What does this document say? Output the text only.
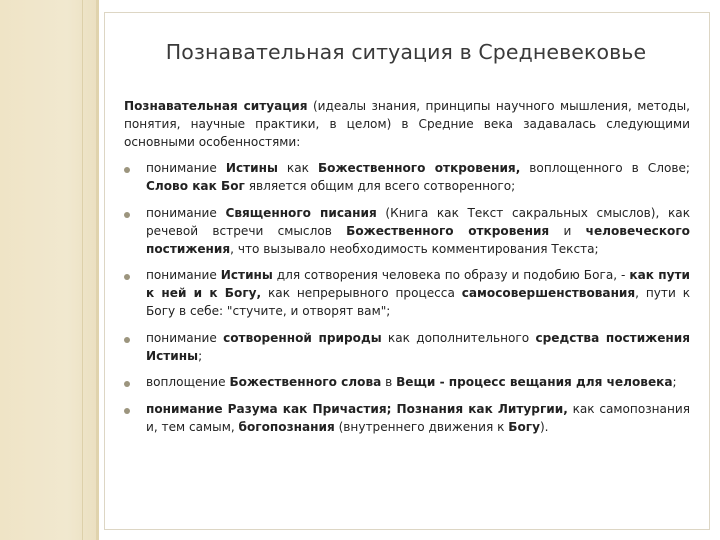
Познавательная ситуация в Средневековье

Познавательная ситуация (идеалы знания, принципы научного мышления, методы, понятия, научные практики, в целом) в Средние века задавалась следующими основными особенностями:

понимание Истины как Божественного откровения, воплощенного в Слове; Слово как Бог является общим для всего сотворенного;
понимание Священного писания (Книга как Текст сакральных смыслов), как речевой встречи смыслов Божественного откровения и человеческого постижения, что вызывало необходимость комментирования Текста;
понимание Истины для сотворения человека по образу и подобию Бога, - как пути к ней и к Богу, как непрерывного процесса самосовершенствования, пути к Богу в себе: "стучите, и отворят вам";
понимание сотворенной природы как дополнительного средства постижения Истины;
воплощение Божественного слова в Вещи - процесс вещания для человека;
понимание Разума как Причастия; Познания как Литургии, как самопознания и, тем самым, богопознания (внутреннего движения к Богу).
